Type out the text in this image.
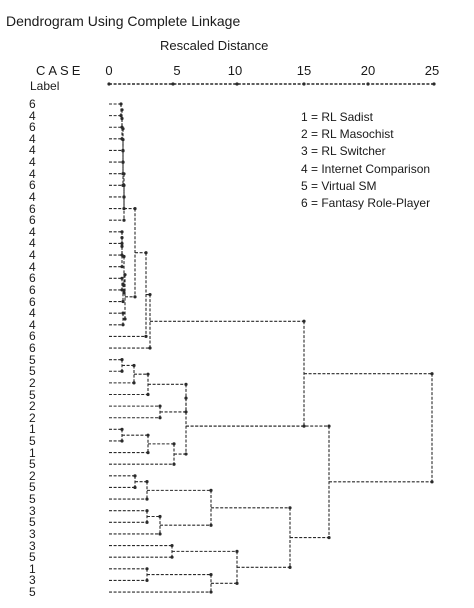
Dendrogram Using Complete Linkage
Rescaled Distance
CASE
Label
0	5	10	15	20	25
1 = RL Sadist
2 = RL Masochist
3 = RL Switcher
4 = Internet Comparison
5 = Virtual SM
6 = Fantasy Role-Player
6
4
6
4
4
4
4
6
4
6
6
4
4
4
4
6
6
6
4
4
6
6
5
5
2
5
2
2
1
5
1
5
2
5
5
3
5
3
3
5
1
3
5
